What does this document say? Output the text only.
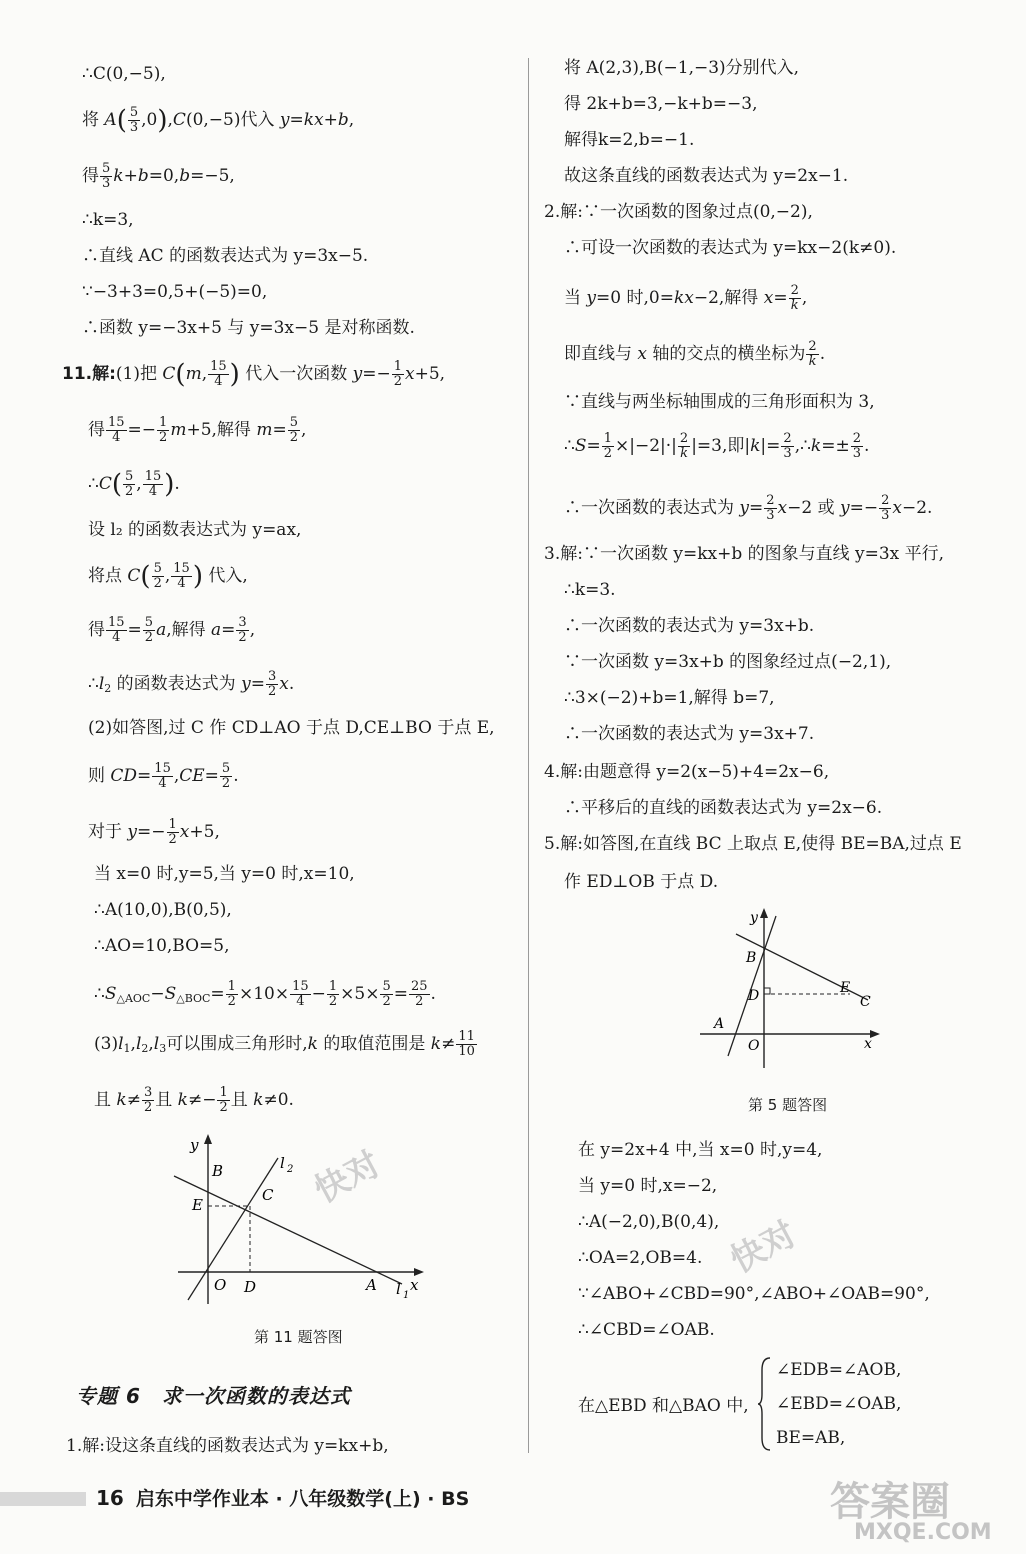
∴C(0,−5),
将 $A( \frac{5}{3} ,0),C(0,-5)$代入 y=kx+b,
得 $\frac{5}{3} k+b=0,b=-5$,
∴k=3,
∴直线 AC 的函数表达式为 y=3x−5.
∵−3+3=0,5+(−5)=0,
∴函数 y=−3x+5 与 y=3x−5 是对称函数.
11.解:(1)把 C(m, $\frac{15}{4}$ ) 代入一次函数 $y=- \frac{1}{2} x+5$,
得 $\frac{15}{4} =- \frac{1}{2} m+5$,解得 $m= \frac{5}{2}$ ,
∴C( $\frac{5}{2}$ , $\frac{15}{4}$ ).
设 l₂ 的函数表达式为 y=ax,
将点 $C( \frac{5}{2}$ , $\frac{15}{4}$ ) 代入,
得 $\frac{15}{4} = \frac{5}{2} a$,解得 $a= \frac{3}{2}$ ,
$\therefore l_2$ 的函数表达式为 $y= \frac{3}{2} x$.
(2)如答图,过 C 作 CD⊥AO 于点 D,CE⊥BO 于点 E,
则 $CD= \frac{15}{4} ,CE= \frac{5}{2}$ .
对于 $y=- \frac{1}{2} x+5$,
当 x=0 时,y=5,当 y=0 时,x=10,
∴A(10,0),B(0,5),
∴AO=10,BO=5,
$\therefore S_{\triangle AOC}-S_{\triangle BOC}= \frac{1}{2} \times 10\times \frac{15}{4} - \frac{1}{2} \times 5\times \frac{5}{2} = \frac{25}{2}$ .
$(3)l_1,l_2,l_3$可以围成三角形时,k 的取值范围是 $k\ne \frac{11}{10}$
且 $k\ne \frac{3}{2}$ 且 $k\ne- \frac{1}{2}$ 且 k≠0.
y
B
E
C
l 2
O D	A l 1
x
第 11 题答图
专题 6　求一次函数的表达式
1.解:设这条直线的函数表达式为 y=kx+b,
将 A(2,3),B(−1,−3)分别代入,
得 2k+b=3,−k+b=−3,
解得k=2,b=−1.
故这条直线的函数表达式为 y=2x−1.
2.解:∵一次函数的图象过点(0,−2),
∴可设一次函数的表达式为 y=kx−2(k≠0).
当 y=0 时,0=kx−2,解得 $x= \frac{2}{k}$ ,
即直线与 x 轴的交点的横坐标为 $\frac{2}{k}$ .
∵直线与两坐标轴围成的三角形面积为 3,
∴S= $\frac{1}{2} \times|-2|\cdot| \frac{2}{k} |=3$,即$|k|= \frac{2}{3}$ ,∴k=± $\frac{2}{3}$ .
∴一次函数的表达式为 $y= \frac{2}{3} x-2$ 或 $y=- \frac{2}{3} x-2$.
3.解:∵一次函数 y=kx+b 的图象与直线 y=3x 平行,
∴k=3.
∴一次函数的表达式为 y=3x+b.
∵一次函数 y=3x+b 的图象经过点(−2,1),
∴3×(−2)+b=1,解得 b=7,
∴一次函数的表达式为 y=3x+7.
4.解:由题意得 y=2(x−5)+4=2x−6,
∴平移后的直线的函数表达式为 y=2x−6.
5.解:如答图,在直线 BC 上取点 E,使得 BE=BA,过点 E
作 ED⊥OB 于点 D.
y
B
D	E
C
A
O	x
第 5 题答图
在 y=2x+4 中,当 x=0 时,y=4,
当 y=0 时,x=−2,
∴A(−2,0),B(0,4),
∴OA=2,OB=4.
∵∠ABO+∠CBD=90°,∠ABO+∠OAB=90°,
∴∠CBD=∠OAB.
在△EBD 和△BAO 中,
∠EDB=∠AOB,
∠EBD=∠OAB,
BE=AB,
快对
快对
答案圈
MXQE.COM
16 启东中学作业本 · 八年级数学(上) · BS
